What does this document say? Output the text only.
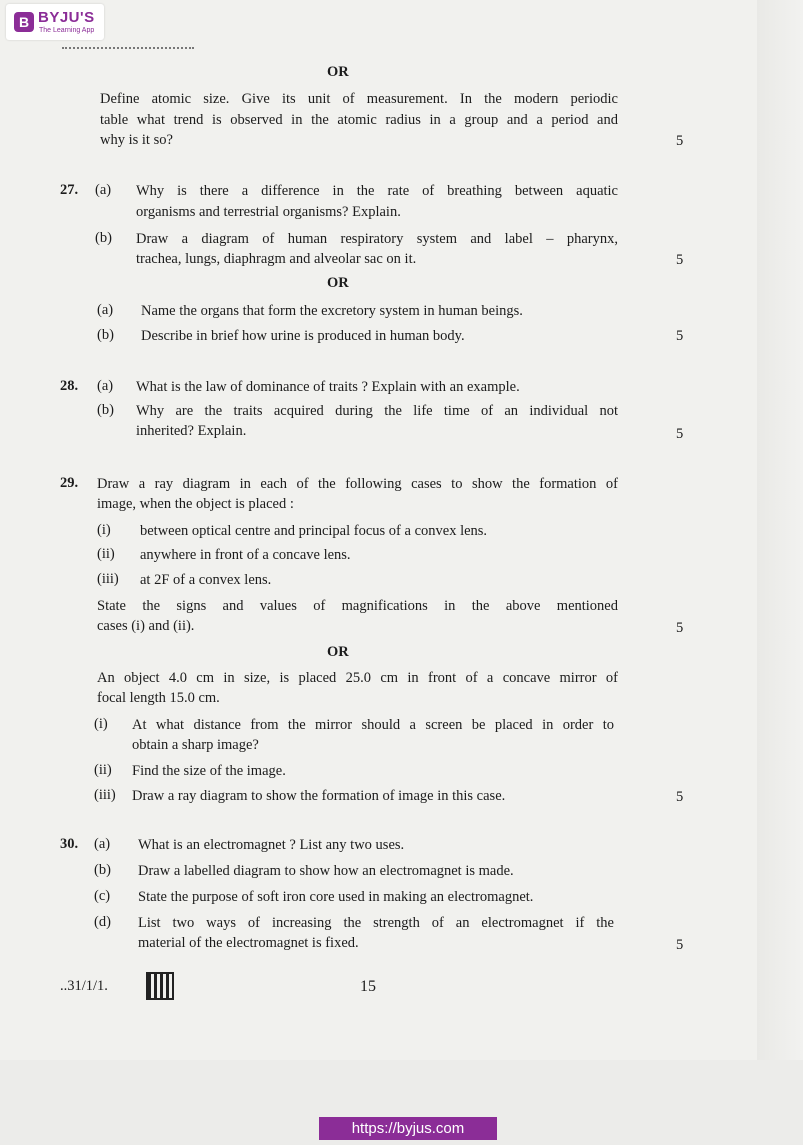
B BYJU'S
The Learning App
OR
Define atomic size. Give its unit of measurement. In the modern periodic
table what trend is observed in the atomic radius in a group and a period and
why is it so?	5
27. (a) Why is there a difference in the rate of breathing between aquatic
organisms and terrestrial organisms? Explain.
(b) Draw a diagram of human respiratory system and label – pharynx,
trachea, lungs, diaphragm and alveolar sac on it.	5
OR
(a) Name the organs that form the excretory system in human beings.
(b) Describe in brief how urine is produced in human body.	5
28. (a) What is the law of dominance of traits ? Explain with an example.
(b) Why are the traits acquired during the life time of an individual not
inherited? Explain.	5
29. Draw a ray diagram in each of the following cases to show the formation of
image, when the object is placed :
(i) between optical centre and principal focus of a convex lens.
(ii) anywhere in front of a concave lens.
(iii) at 2F of a convex lens.
State the signs and values of magnifications in the above mentioned
cases (i) and (ii).	5
OR
An object 4.0 cm in size, is placed 25.0 cm in front of a concave mirror of
focal length 15.0 cm.
(i) At what distance from the mirror should a screen be placed in order to
obtain a sharp image?
(ii) Find the size of the image.
(iii) Draw a ray diagram to show the formation of image in this case.	5
30. (a) What is an electromagnet ? List any two uses.
(b) Draw a labelled diagram to show how an electromagnet is made.
(c) State the purpose of soft iron core used in making an electromagnet.
(d) List two ways of increasing the strength of an electromagnet if the
material of the electromagnet is fixed.	5
..31/1/1.	15
https://byjus.com
